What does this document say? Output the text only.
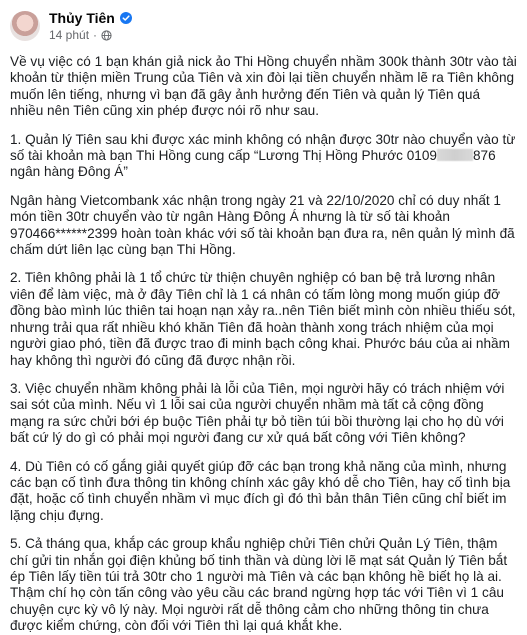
Thủy Tiên
14 phút ·

Về vụ việc có 1 bạn khán giả nick ảo Thi Hồng chuyển nhầm 300k thành 30tr vào tài khoản từ thiện miền Trung của Tiên và xin đòi lại tiền chuyển nhầm lẽ ra Tiên không muốn lên tiếng, nhưng vì bạn đã gây ảnh hưởng đến Tiên và quản lý Tiên quá nhiều nên Tiên cũng xin phép được nói rõ như sau.

1. Quản lý Tiên sau khi được xác minh không có nhận được 30tr nào chuyển vào từ số tài khoản mà bạn Thi Hồng cung cấp “Lương Thị Hồng Phước 0109	876 ngân hàng Đông Á”

Ngân hàng Vietcombank xác nhận trong ngày 21 và 22/10/2020 chỉ có duy nhất 1 món tiền 30tr chuyển vào từ ngân Hàng Đông Á nhưng là từ số tài khoản 970466******2399 hoàn toàn khác với số tài khoản bạn đưa ra, nên quản lý mình đã chấm dứt liên lạc cùng bạn Thi Hồng.

2. Tiên không phải là 1 tổ chức từ thiện chuyên nghiệp có ban bệ trả lương nhân viên để làm việc, mà ở đây Tiên chỉ là 1 cá nhân có tấm lòng mong muốn giúp đỡ đồng bào mình lúc thiên tai hoạn nạn xảy ra..nên Tiên biết mình còn nhiều thiếu sót, nhưng trải qua rất nhiều khó khăn Tiên đã hoàn thành xong trách nhiệm của mọi người giao phó, tiền đã được trao đi minh bạch công khai. Phước báu của ai nhầm hay không thì người đó cũng đã được nhận rồi.

3. Việc chuyển nhầm không phải là lỗi của Tiên, mọi người hãy có trách nhiệm với sai sót của mình. Nếu vì 1 lỗi sai của người chuyển nhầm mà tất cả cộng đồng mạng ra sức chửi bới ép buộc Tiên phải tự bỏ tiền túi bồi thường lại cho họ dù với bất cứ lý do gì có phải mọi người đang cư xử quá bất công với Tiên không?

4. Dù Tiên có cố gắng giải quyết giúp đỡ các bạn trong khả năng của mình, nhưng các bạn cố tình đưa thông tin không chính xác gây khó dễ cho Tiên, hay cố tình bịa đặt, hoặc cố tình chuyển nhầm vì mục đích gì đó thì bản thân Tiên cũng chỉ biết im lặng chịu đựng.

5. Cả tháng qua, khắp các group khẩu nghiệp chửi Tiên chửi Quản Lý Tiên, thậm chí gửi tin nhắn gọi điện khủng bố tinh thần và dùng lời lẽ mạt sát Quản lý Tiên bắt ép Tiên lấy tiền túi trả 30tr cho 1 người mà Tiên và các bạn không hề biết họ là ai. Thậm chí họ còn tấn công vào yêu cầu các brand ngừng hợp tác với Tiên vì 1 câu chuyện cực kỳ vô lý này. Mọi người rất dễ thông cảm cho những thông tin chưa được kiểm chứng, còn đối với Tiên thì lại quá khắt khe.
